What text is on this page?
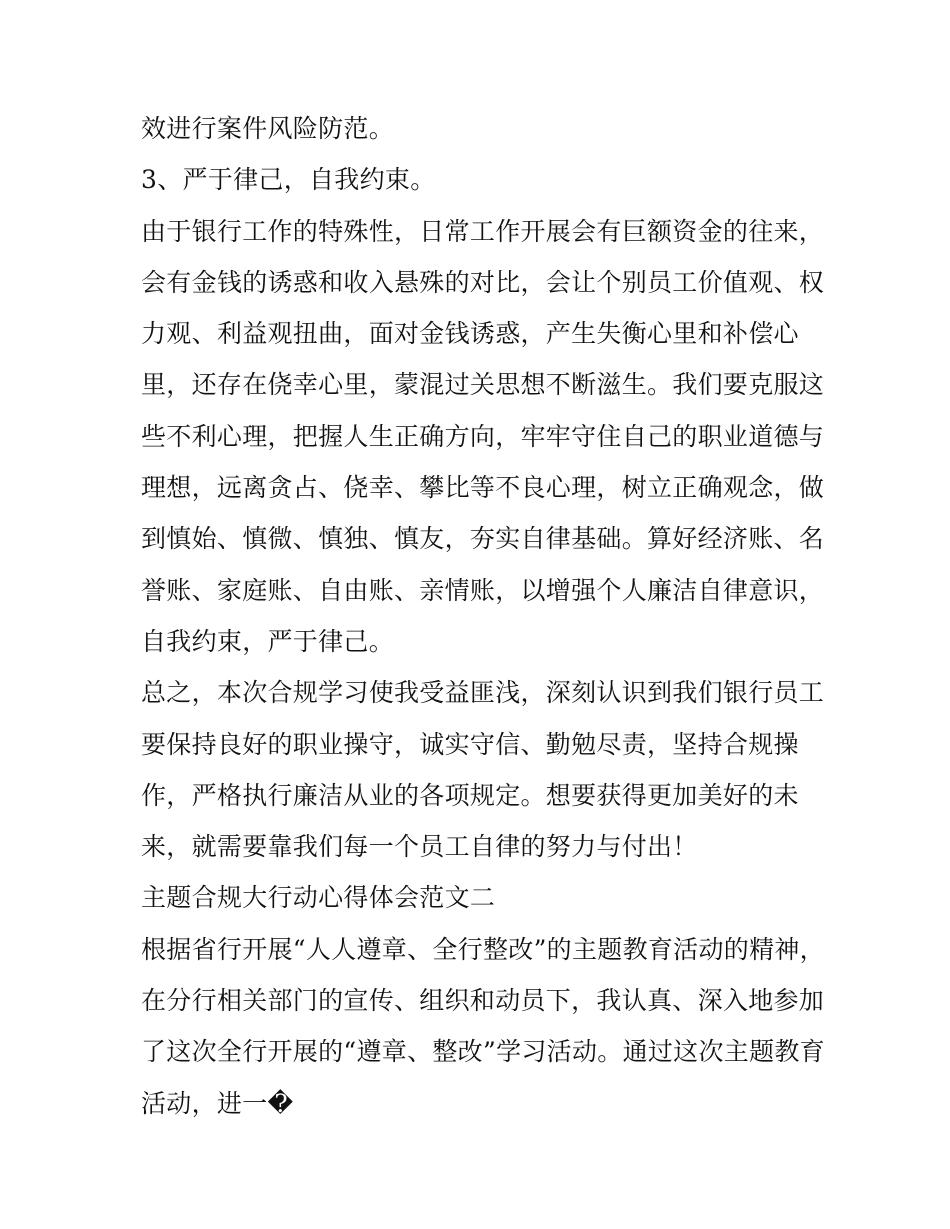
效进行案件风险防范。
3、严于律己，自我约束。
由于银行工作的特殊性，日常工作开展会有巨额资金的往来，
会有金钱的诱惑和收入悬殊的对比，会让个别员工价值观、权
力观、利益观扭曲，面对金钱诱惑，产生失衡心里和补偿心
里，还存在侥幸心里，蒙混过关思想不断滋生。我们要克服这
些不利心理，把握人生正确方向，牢牢守住自己的职业道德与
理想，远离贪占、侥幸、攀比等不良心理，树立正确观念，做
到慎始、慎微、慎独、慎友，夯实自律基础。算好经济账、名
誉账、家庭账、自由账、亲情账，以增强个人廉洁自律意识，
自我约束，严于律己。
总之，本次合规学习使我受益匪浅，深刻认识到我们银行员工
要保持良好的职业操守，诚实守信、勤勉尽责，坚持合规操
作，严格执行廉洁从业的各项规定。想要获得更加美好的未
来，就需要靠我们每一个员工自律的努力与付出！
主题合规大行动心得体会范文二
根据省行开展“人人遵章、全行整改”的主题教育活动的精神，
在分行相关部门的宣传、组织和动员下，我认真、深入地参加
了这次全行开展的“遵章、整改”学习活动。通过这次主题教育
活动，进一�
